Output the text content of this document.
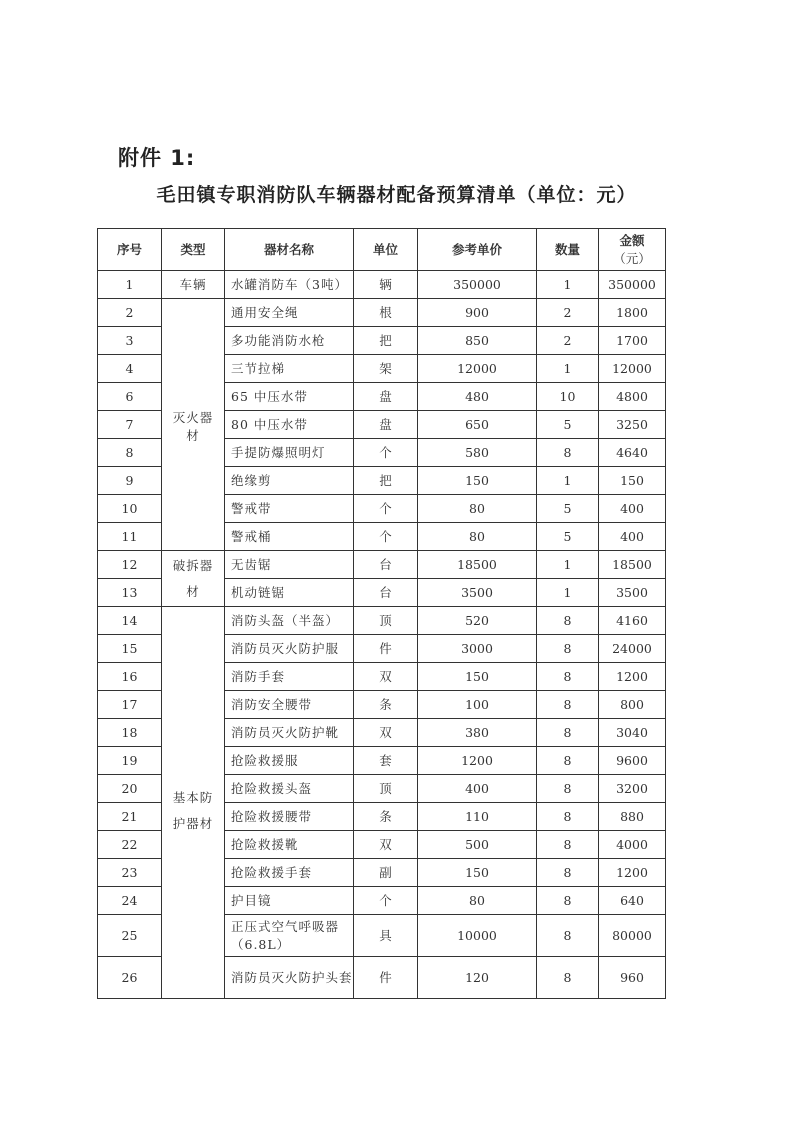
附件 1:
毛田镇专职消防队车辆器材配备预算清单（单位：元）
序号	类型	器材名称	单位	参考单价	数量	金额
（元）

1	车辆	水罐消防车（3吨）	辆	350000	1	350000
2	灭火器材	通用安全绳	根	900	2	1800
3		多功能消防水枪	把	850	2	1700
4		三节拉梯	架	12000	1	12000
6		65 中压水带	盘	480	10	4800
7		80 中压水带	盘	650	5	3250
8		手提防爆照明灯	个	580	8	4640
9		绝缘剪	把	150	1	150
10		警戒带	个	80	5	400
11		警戒桶	个	80	5	400
12	破拆器材	无齿锯	台	18500	1	18500
13		机动链锯	台	3500	1	3500
14	基本防护器材	消防头盔（半盔）	顶	520	8	4160
15		消防员灭火防护服	件	3000	8	24000
16		消防手套	双	150	8	1200
17		消防安全腰带	条	100	8	800
18		消防员灭火防护靴	双	380	8	3040
19		抢险救援服	套	1200	8	9600
20		抢险救援头盔	顶	400	8	3200
21		抢险救援腰带	条	110	8	880
22		抢险救援靴	双	500	8	4000
23		抢险救援手套	副	150	8	1200
24		护目镜	个	80	8	640
25		正压式空气呼吸器（6.8L）	具	10000	8	80000
26		消防员灭火防护头套	件	120	8	960
